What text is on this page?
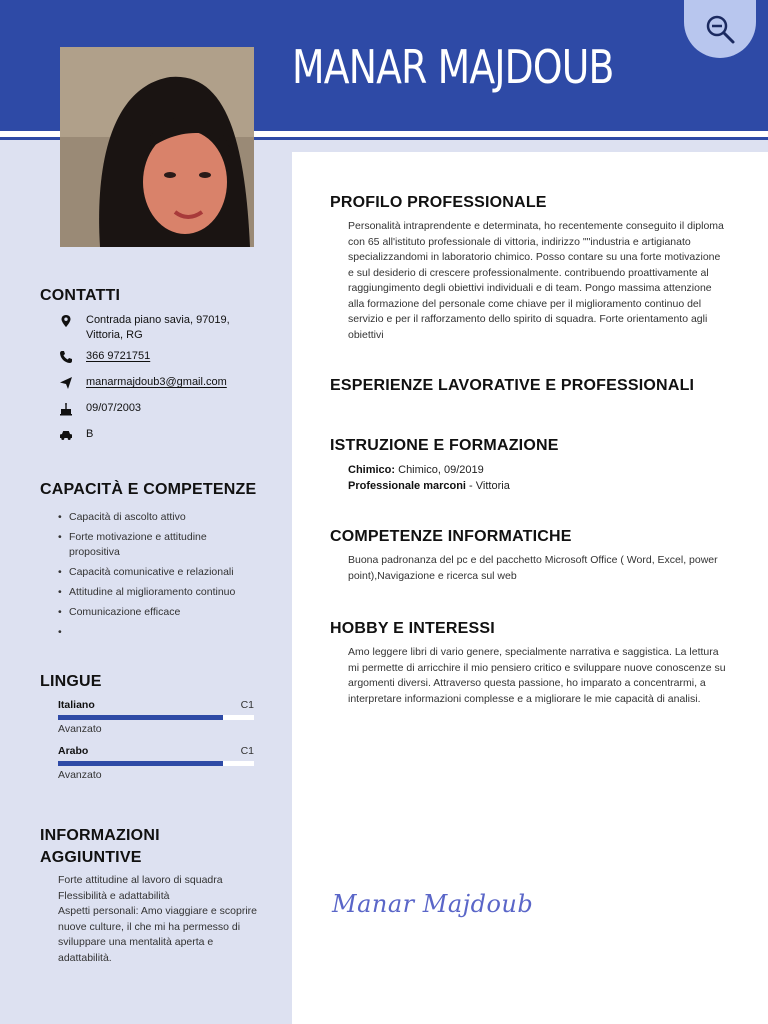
MANAR MAJDOUB
CONTATTI
Contrada piano savia, 97019,
Vittoria, RG
366 9721751
manarmajdoub3@gmail.com
09/07/2003
B
CAPACITÀ E COMPETENZE
• Capacità di ascolto attivo
• Forte motivazione e attitudine propositiva
• Capacità comunicative e relazionali
• Attitudine al miglioramento continuo
• Comunicazione efficace
LINGUE
Italiano	C1
Avanzato
Arabo	C1
Avanzato
INFORMAZIONI
AGGIUNTIVE
Forte attitudine al lavoro di squadra
Flessibilità e adattabilità
Aspetti personali: Amo viaggiare e scoprire nuove culture, il che mi ha permesso di sviluppare una mentalità aperta e adattabilità.
PROFILO PROFESSIONALE

Personalità intraprendente e determinata, ho recentemente conseguito il diploma con 65 all'istituto professionale di vittoria, indirizzo ""industria e artigianato specializzandomi in laboratorio chimico. Posso contare su una forte motivazione e sul desiderio di crescere professionalmente. contribuendo proattivamente al raggiungimento degli obiettivi individuali e di team. Pongo massima attenzione alla formazione del personale come chiave per il miglioramento continuo del servizio e per il rafforzamento dello spirito di squadra. Forte orientamento agli obiettivi

ESPERIENZE LAVORATIVE E PROFESSIONALI
ISTRUZIONE E FORMAZIONE
Chimico: Chimico, 09/2019
Professionale marconi - Vittoria
COMPETENZE INFORMATICHE

Buona padronanza del pc e del pacchetto Microsoft Office ( Word, Excel, power point),Navigazione e ricerca sul web

HOBBY E INTERESSI

Amo leggere libri di vario genere, specialmente narrativa e saggistica. La lettura mi permette di arricchire il mio pensiero critico e sviluppare nuove conoscenze su argomenti diversi. Attraverso questa passione, ho imparato a concentrarmi, a interpretare informazioni complesse e a migliorare le mie capacità di analisi.

Manar Majdoub
